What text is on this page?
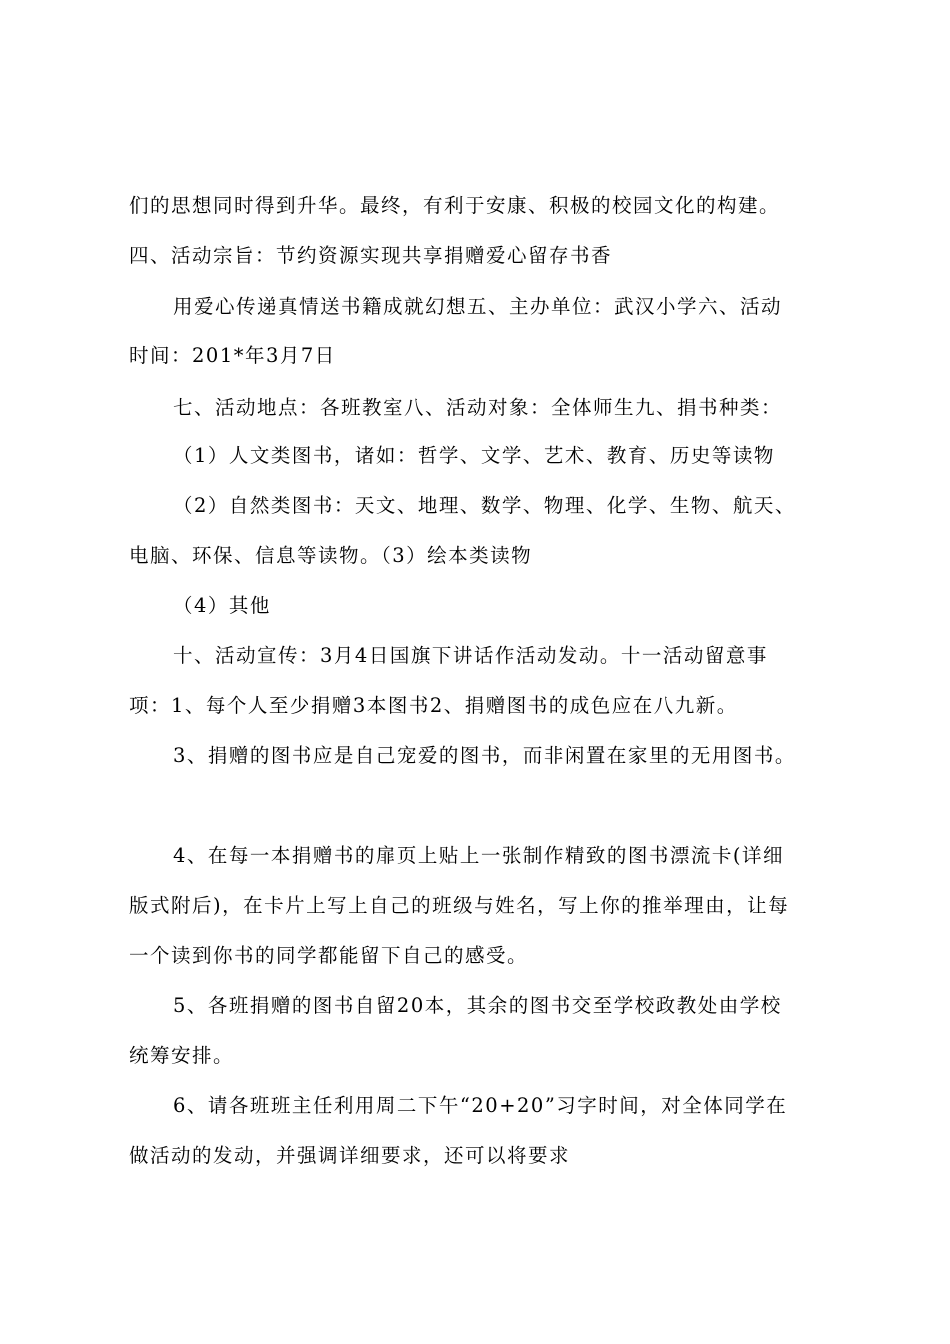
们的思想同时得到升华。最终，有利于安康、积极的校园文化的构建。
四、活动宗旨：节约资源实现共享捐赠爱心留存书香
用爱心传递真情送书籍成就幻想五、主办单位：武汉小学六、活动
时间：201*年3月7日
七、活动地点：各班教室八、活动对象：全体师生九、捐书种类：
（1）人文类图书，诸如：哲学、文学、艺术、教育、历史等读物
（2）自然类图书：天文、地理、数学、物理、化学、生物、航天、
电脑、环保、信息等读物。（3）绘本类读物
（4）其他
十、活动宣传：3月4日国旗下讲话作活动发动。十一活动留意事
项：1、每个人至少捐赠3本图书2、捐赠图书的成色应在八九新。
3、捐赠的图书应是自己宠爱的图书，而非闲置在家里的无用图书。
4、在每一本捐赠书的扉页上贴上一张制作精致的图书漂流卡(详细
版式附后)，在卡片上写上自己的班级与姓名，写上你的推举理由，让每
一个读到你书的同学都能留下自己的感受。
5、各班捐赠的图书自留20本，其余的图书交至学校政教处由学校
统筹安排。
6、请各班班主任利用周二下午“20+20”习字时间，对全体同学在
做活动的发动，并强调详细要求，还可以将要求
